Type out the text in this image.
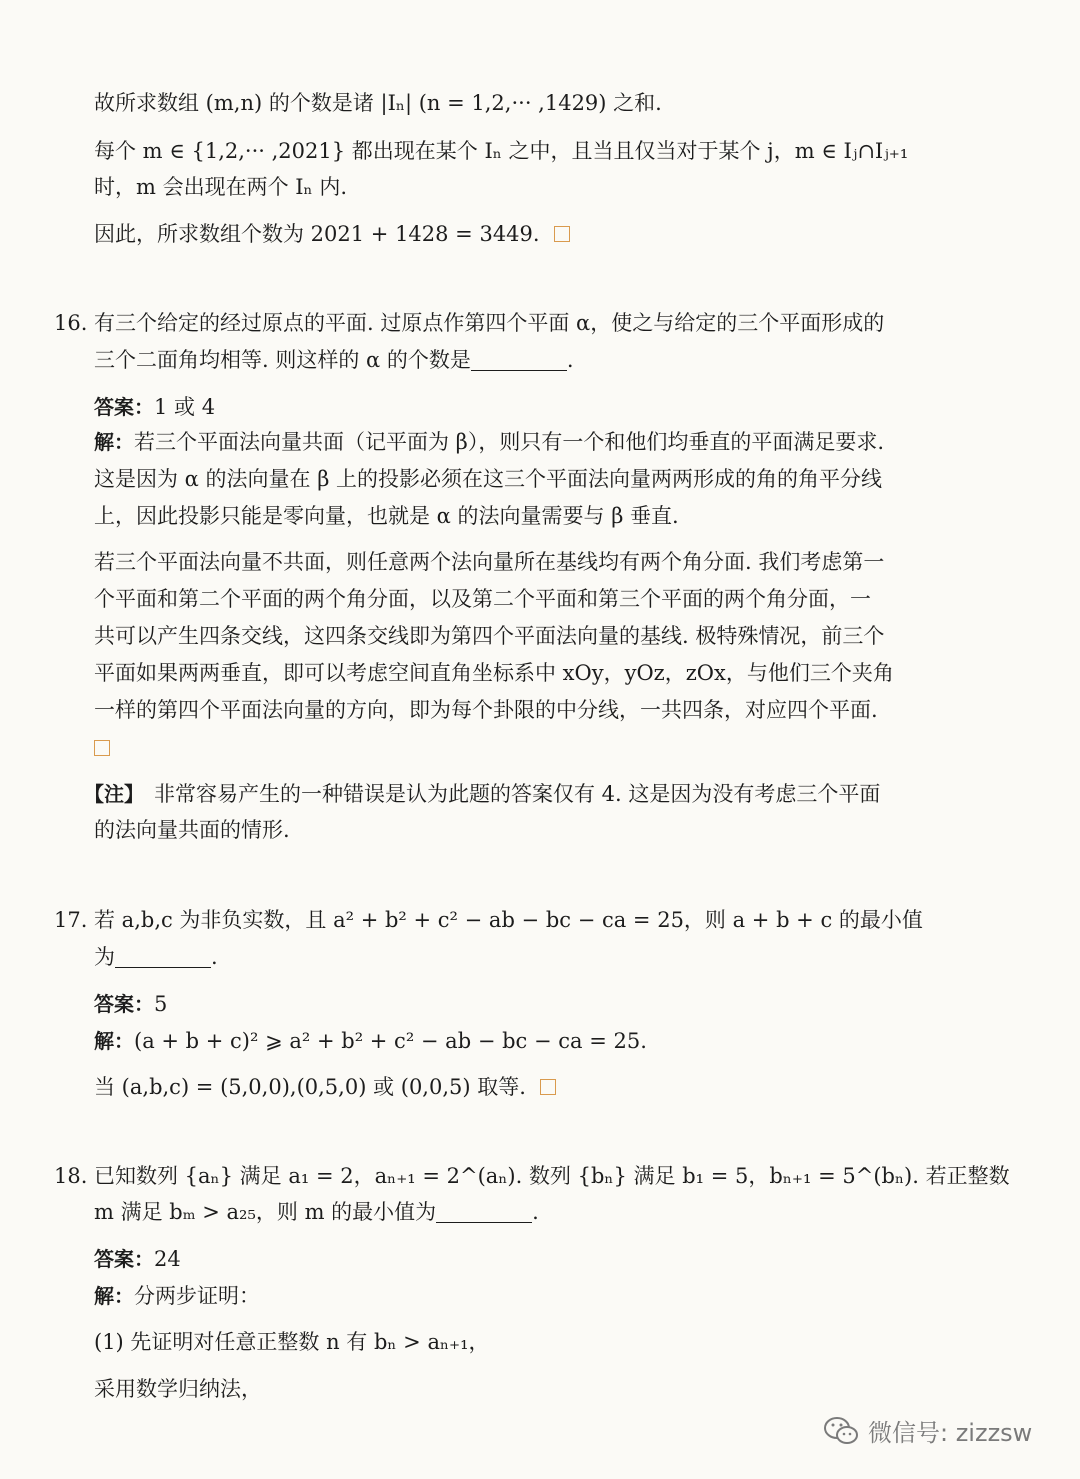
故所求数组 (m,n) 的个数是诸 |Iₙ| (n = 1,2,··· ,1429) 之和.
每个 m ∈ {1,2,··· ,2021} 都出现在某个 Iₙ 之中，且当且仅当对于某个 j，m ∈ Iⱼ∩Iⱼ₊₁
时，m 会出现在两个 Iₙ 内.
因此，所求数组个数为 2021 + 1428 = 3449.
16. 有三个给定的经过原点的平面. 过原点作第四个平面 α，使之与给定的三个平面形成的
三个二面角均相等. 则这样的 α 的个数是	.
答案：1 或 4
解：若三个平面法向量共面（记平面为 β），则只有一个和他们均垂直的平面满足要求.
这是因为 α 的法向量在 β 上的投影必须在这三个平面法向量两两形成的角的角平分线
上，因此投影只能是零向量，也就是 α 的法向量需要与 β 垂直.
若三个平面法向量不共面，则任意两个法向量所在基线均有两个角分面. 我们考虑第一
个平面和第二个平面的两个角分面，以及第二个平面和第三个平面的两个角分面，一
共可以产生四条交线，这四条交线即为第四个平面法向量的基线. 极特殊情况，前三个
平面如果两两垂直，即可以考虑空间直角坐标系中 xOy，yOz，zOx，与他们三个夹角
一样的第四个平面法向量的方向，即为每个卦限的中分线，一共四条，对应四个平面.
【注】 非常容易产生的一种错误是认为此题的答案仅有 4. 这是因为没有考虑三个平面
的法向量共面的情形.
17. 若 a,b,c 为非负实数，且 a² + b² + c² − ab − bc − ca = 25，则 a + b + c 的最小值
为	.
答案：5
解：(a + b + c)² ⩾ a² + b² + c² − ab − bc − ca = 25.
当 (a,b,c) = (5,0,0),(0,5,0) 或 (0,0,5) 取等.
18. 已知数列 {aₙ} 满足 a₁ = 2，aₙ₊₁ = 2^(aₙ). 数列 {bₙ} 满足 b₁ = 5，bₙ₊₁ = 5^(bₙ). 若正整数
m 满足 bₘ > a₂₅，则 m 的最小值为	.
答案：24
解：分两步证明：
(1) 先证明对任意正整数 n 有 bₙ > aₙ₊₁，
采用数学归纳法，
微信号: zizzsw
